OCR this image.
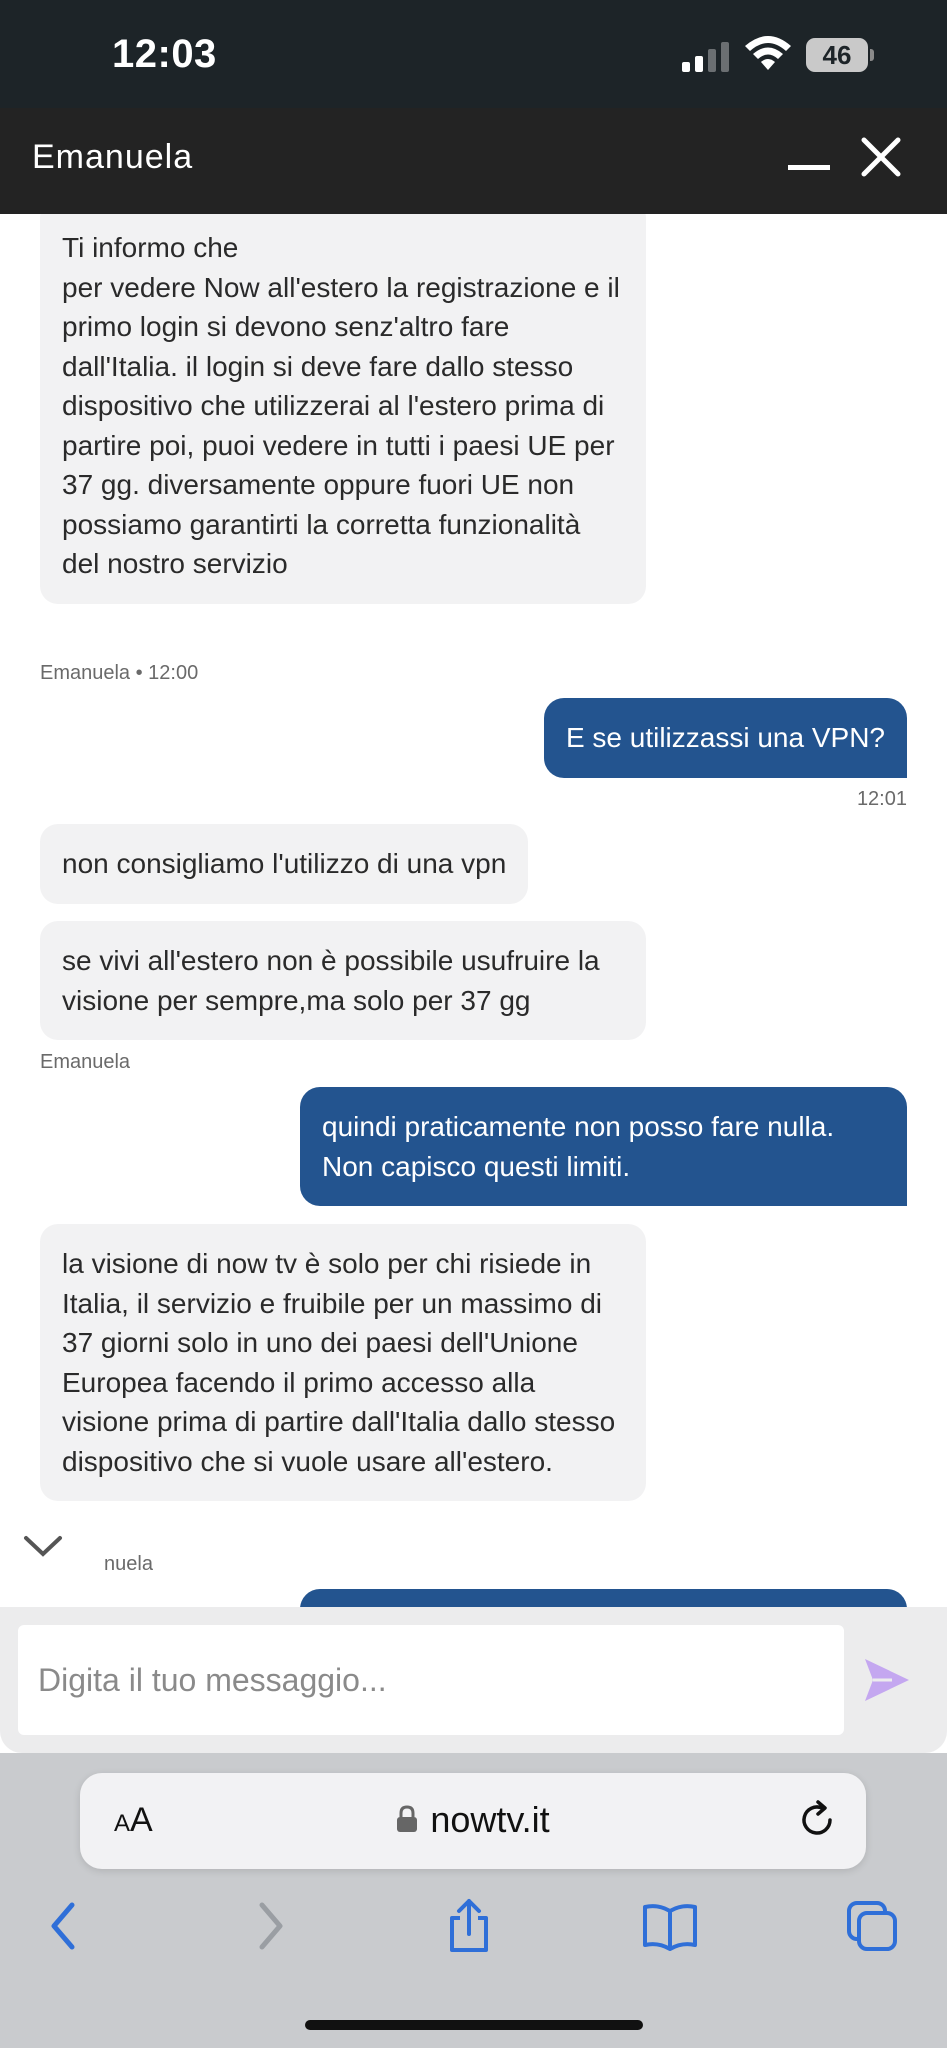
12:03	46
Emanuela
Ti informo che
per vedere Now all'estero la registrazione e il primo login si devono senz'altro fare dall'Italia. il login si deve fare dallo stesso dispositivo che utilizzerai al l'estero prima di partire poi, puoi vedere in tutti i paesi UE per 37 gg. diversamente oppure fuori UE non possiamo garantirti la corretta funzionalità del nostro servizio
Emanuela • 12:00
E se utilizzassi una VPN?
12:01
non consigliamo l'utilizzo di una vpn
se vivi all'estero non è possibile usufruire la visione per sempre,ma solo per 37 gg
Emanuela
quindi praticamente non posso fare nulla. Non capisco questi limiti.
la visione di now tv è solo per chi risiede in Italia, il servizio e fruibile per un massimo di 37 giorni solo in uno dei paesi dell'Unione Europea facendo il primo accesso alla visione prima di partire dall'Italia dallo stesso dispositivo che si vuole usare all'estero.
nuela
Digita il tuo messaggio...
AA	nowtv.it
